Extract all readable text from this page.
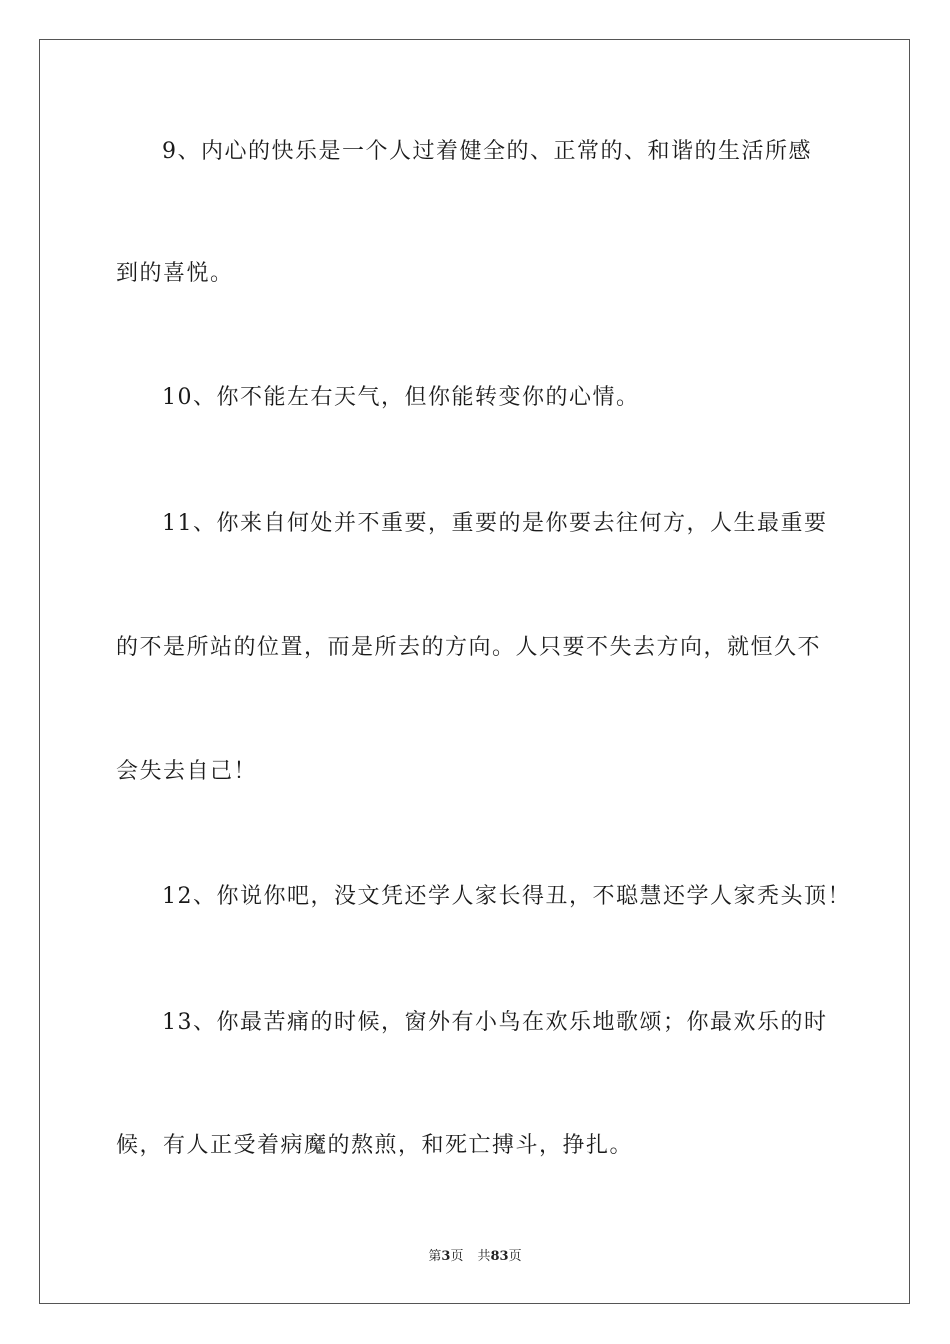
9、内心的快乐是一个人过着健全的、正常的、和谐的生活所感
到的喜悦。
10、你不能左右天气，但你能转变你的心情。
11、你来自何处并不重要，重要的是你要去往何方，人生最重要
的不是所站的位置，而是所去的方向。人只要不失去方向，就恒久不
会失去自己！
12、你说你吧，没文凭还学人家长得丑，不聪慧还学人家秃头顶！
13、你最苦痛的时候，窗外有小鸟在欢乐地歌颂；你最欢乐的时
候，有人正受着病魔的熬煎，和死亡搏斗，挣扎。
第3页 共83页
